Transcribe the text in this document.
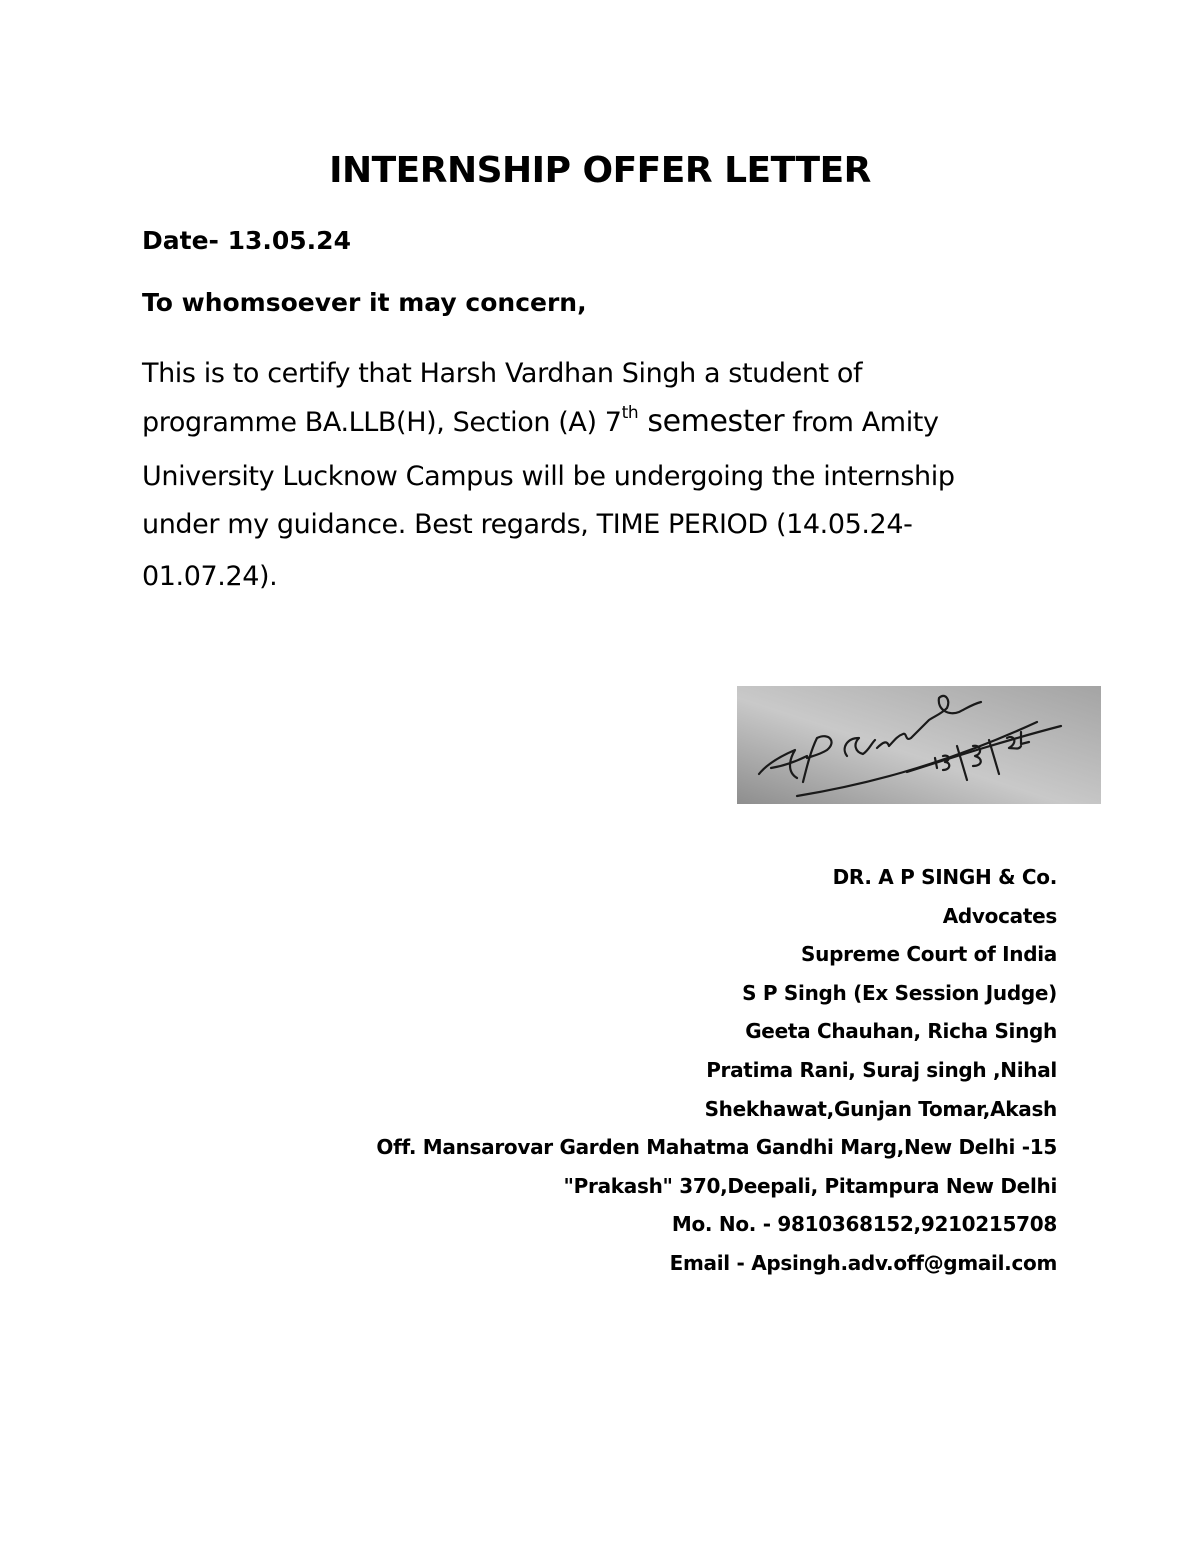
INTERNSHIP OFFER LETTER
Date- 13.05.24
To whomsoever it may concern,
This is to certify that Harsh Vardhan Singh a student of
programme BA.LLB(H), Section (A) 7th semester from Amity
University Lucknow Campus will be undergoing the internship
under my guidance. Best regards, TIME PERIOD (14.05.24-
01.07.24).
DR. A P SINGH & Co.
Advocates
Supreme Court of India
S P Singh (Ex Session Judge)
Geeta Chauhan, Richa Singh
Pratima Rani, Suraj singh ,Nihal
Shekhawat,Gunjan Tomar,Akash
Off. Mansarovar Garden Mahatma Gandhi Marg,New Delhi -15
"Prakash" 370,Deepali, Pitampura New Delhi
Mo. No. - 9810368152,9210215708
Email - Apsingh.adv.off@gmail.com
